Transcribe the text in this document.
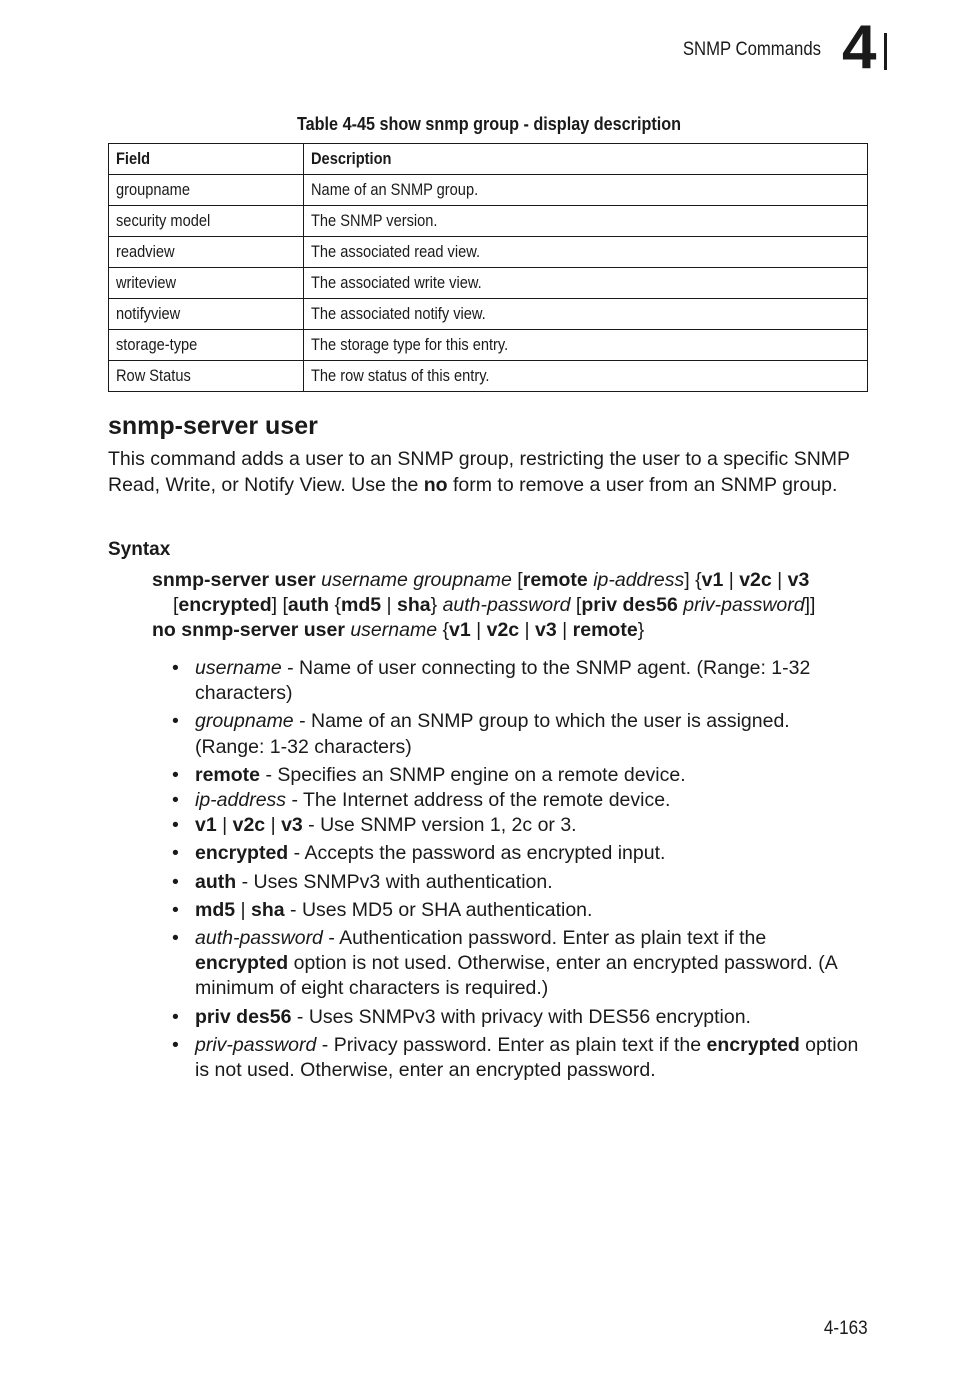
SNMP Commands 4
Table 4-45 show snmp group - display description
Field	Description
groupname	Name of an SNMP group.
security model	The SNMP version.
readview	The associated read view.
writeview	The associated write view.
notifyview	The associated notify view.
storage-type	The storage type for this entry.
Row Status	The row status of this entry.
snmp-server user
This command adds a user to an SNMP group, restricting the user to a specific SNMP Read, Write, or Notify View. Use the no form to remove a user from an SNMP group.
Syntax
snmp-server user username groupname [remote ip-address] {v1 | v2c | v3
[encrypted] [auth {md5 | sha} auth-password [priv des56 priv-password]]
no snmp-server user username {v1 | v2c | v3 | remote}
• username - Name of user connecting to the SNMP agent. (Range: 1-32 characters)
• groupname - Name of an SNMP group to which the user is assigned. (Range: 1-32 characters)
• remote - Specifies an SNMP engine on a remote device.
• ip-address - The Internet address of the remote device.
• v1 | v2c | v3 - Use SNMP version 1, 2c or 3.
• encrypted - Accepts the password as encrypted input.
• auth - Uses SNMPv3 with authentication.
• md5 | sha - Uses MD5 or SHA authentication.
• auth-password - Authentication password. Enter as plain text if the encrypted option is not used. Otherwise, enter an encrypted password. (A minimum of eight characters is required.)
• priv des56 - Uses SNMPv3 with privacy with DES56 encryption.
• priv-password - Privacy password. Enter as plain text if the encrypted option is not used. Otherwise, enter an encrypted password.
4-163
